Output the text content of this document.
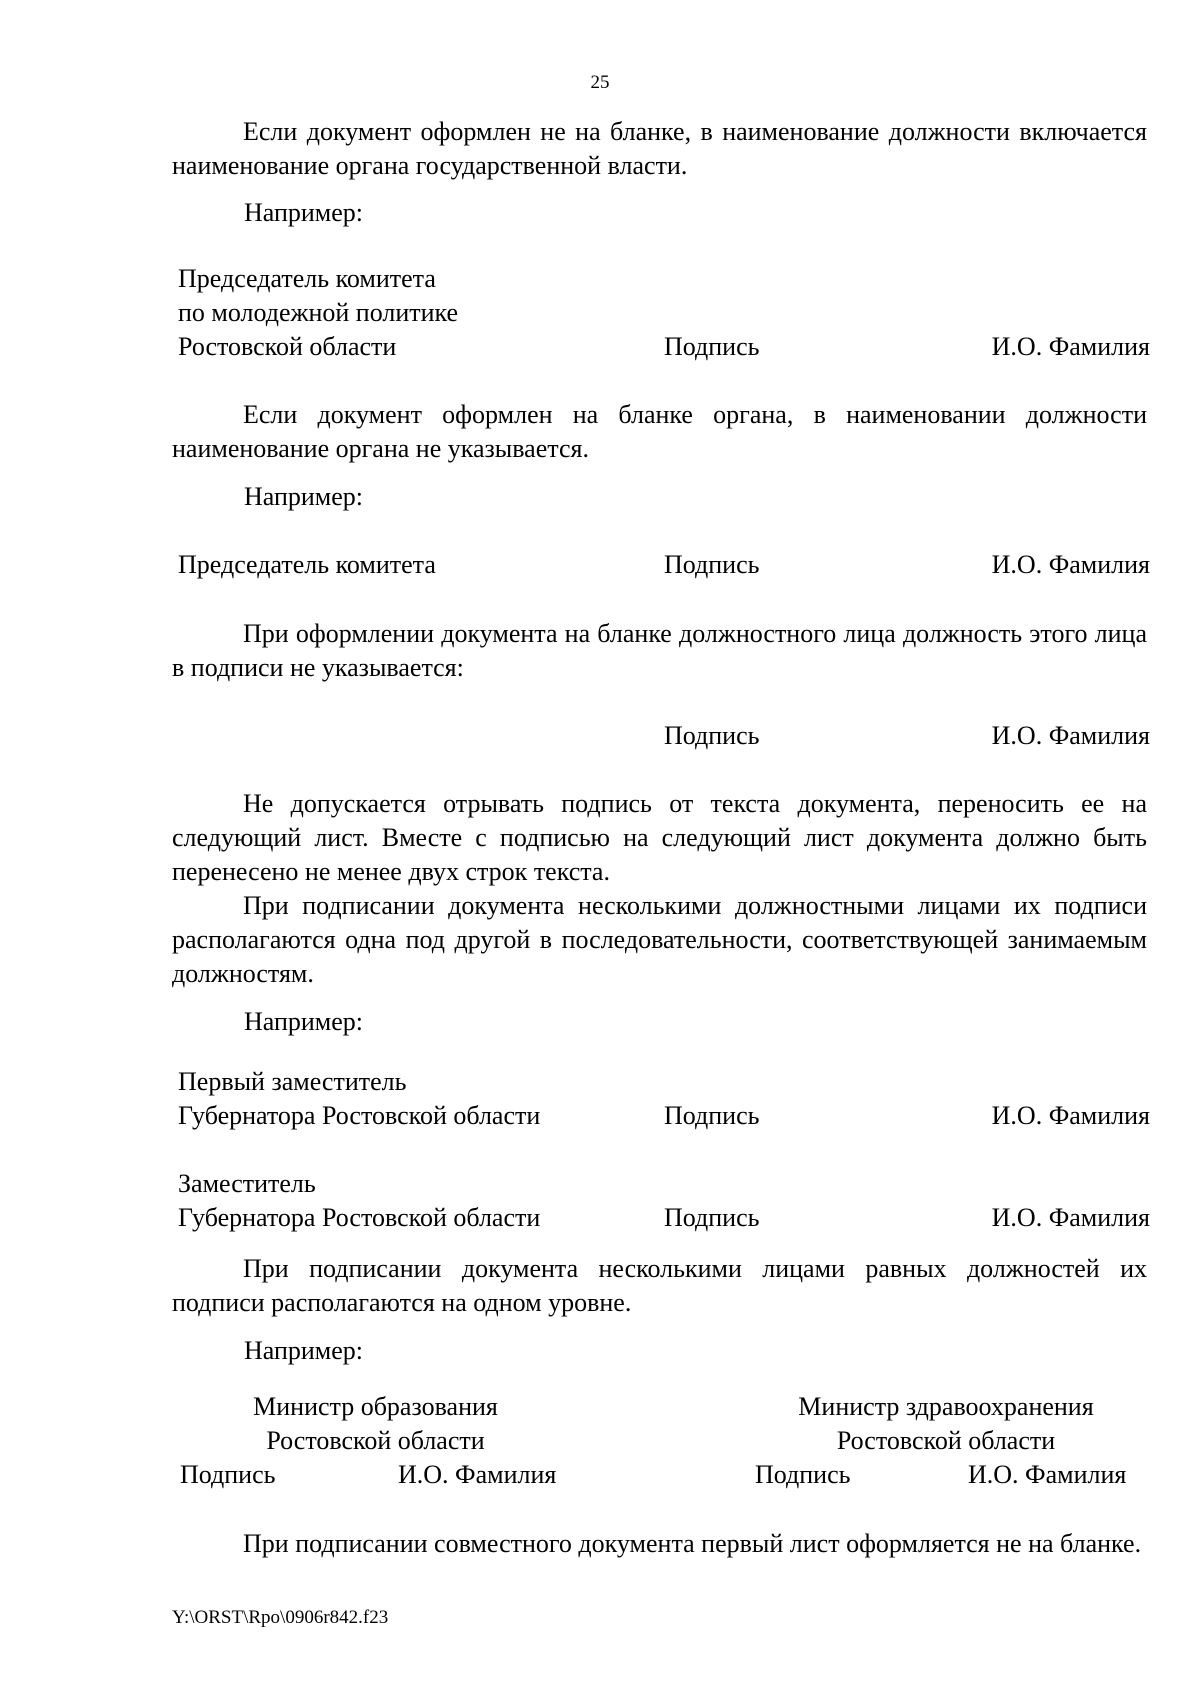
25
Если документ оформлен не на бланке, в наименование должности включается наименование органа государственной власти.
Например:
Председатель комитета
по молодежной политике
Ростовской области	Подпись	И.О. Фамилия
Если документ оформлен на бланке органа, в наименовании должности наименование органа не указывается.
Например:
Председатель комитета	Подпись	И.О. Фамилия
При оформлении документа на бланке должностного лица должность этого лица в подписи не указывается:
Подпись	И.О. Фамилия
Не допускается отрывать подпись от текста документа, переносить ее на следующий лист. Вместе с подписью на следующий лист документа должно быть перенесено не менее двух строк текста.
При подписании документа несколькими должностными лицами их подписи располагаются одна под другой в последовательности, соответствующей занимаемым должностям.
Например:
Первый заместитель
Губернатора Ростовской области	Подпись	И.О. Фамилия
Заместитель
Губернатора Ростовской области	Подпись	И.О. Фамилия
При подписании документа несколькими лицами равных должностей их подписи располагаются на одном уровне.
Например:
Министр образования
Ростовской области
Министр здравоохранения
Ростовской области
Подпись	И.О. Фамилия	Подпись	И.О. Фамилия
При подписании совместного документа первый лист оформляется не на бланке.
Y:\ORST\Rpo\0906r842.f23
